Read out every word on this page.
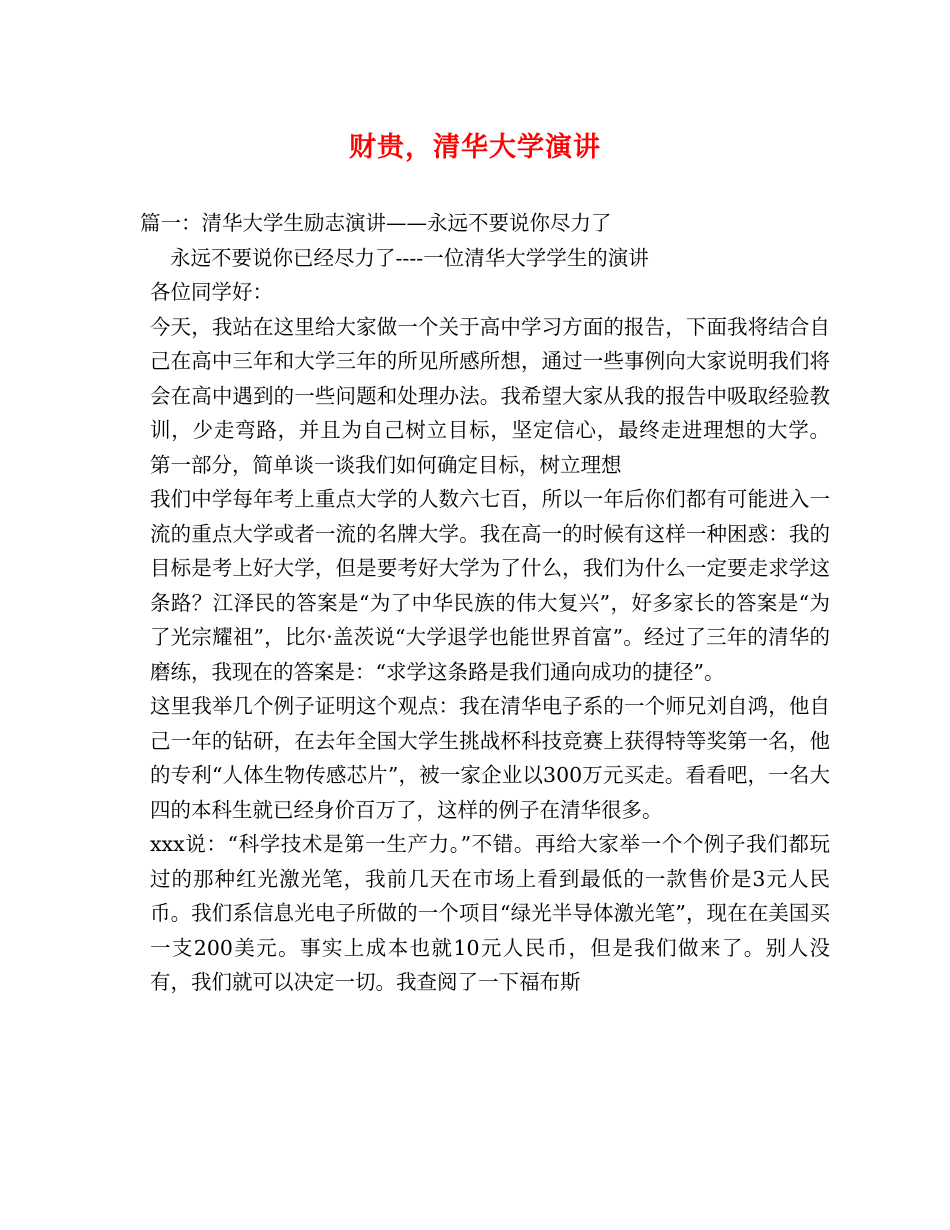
财贵，清华大学演讲
篇一：清华大学生励志演讲——永远不要说你尽力了
永远不要说你已经尽力了----一位清华大学学生的演讲
各位同学好：
今天，我站在这里给大家做一个关于高中学习方面的报告，下面我将结合自己在高中三年和大学三年的所见所感所想，通过一些事例向大家说明我们将会在高中遇到的一些问题和处理办法。我希望大家从我的报告中吸取经验教训，少走弯路，并且为自己树立目标，坚定信心，最终走进理想的大学。 第一部分，简单谈一谈我们如何确定目标，树立理想
我们中学每年考上重点大学的人数六七百，所以一年后你们都有可能进入一流的重点大学或者一流的名牌大学。我在高一的时候有这样一种困惑：我的目标是考上好大学，但是要考好大学为了什么，我们为什么一定要走求学这条路？江泽民的答案是“为了中华民族的伟大复兴”，好多家长的答案是“为了光宗耀祖”，比尔·盖茨说“大学退学也能世界首富”。经过了三年的清华的磨练，我现在的答案是：“求学这条路是我们通向成功的捷径”。
这里我举几个例子证明这个观点：我在清华电子系的一个师兄刘自鸿，他自己一年的钻研，在去年全国大学生挑战杯科技竞赛上获得特等奖第一名，他的专利“人体生物传感芯片”，被一家企业以300万元买走。看看吧，一名大四的本科生就已经身价百万了，这样的例子在清华很多。
xxx说：“科学技术是第一生产力。”不错。再给大家举一个个例子我们都玩过的那种红光激光笔，我前几天在市场上看到最低的一款售价是3元人民币。我们系信息光电子所做的一个项目“绿光半导体激光笔”，现在在美国买一支200美元。事实上成本也就10元人民币，但是我们做来了。别人没有，我们就可以决定一切。我查阅了一下福布斯
